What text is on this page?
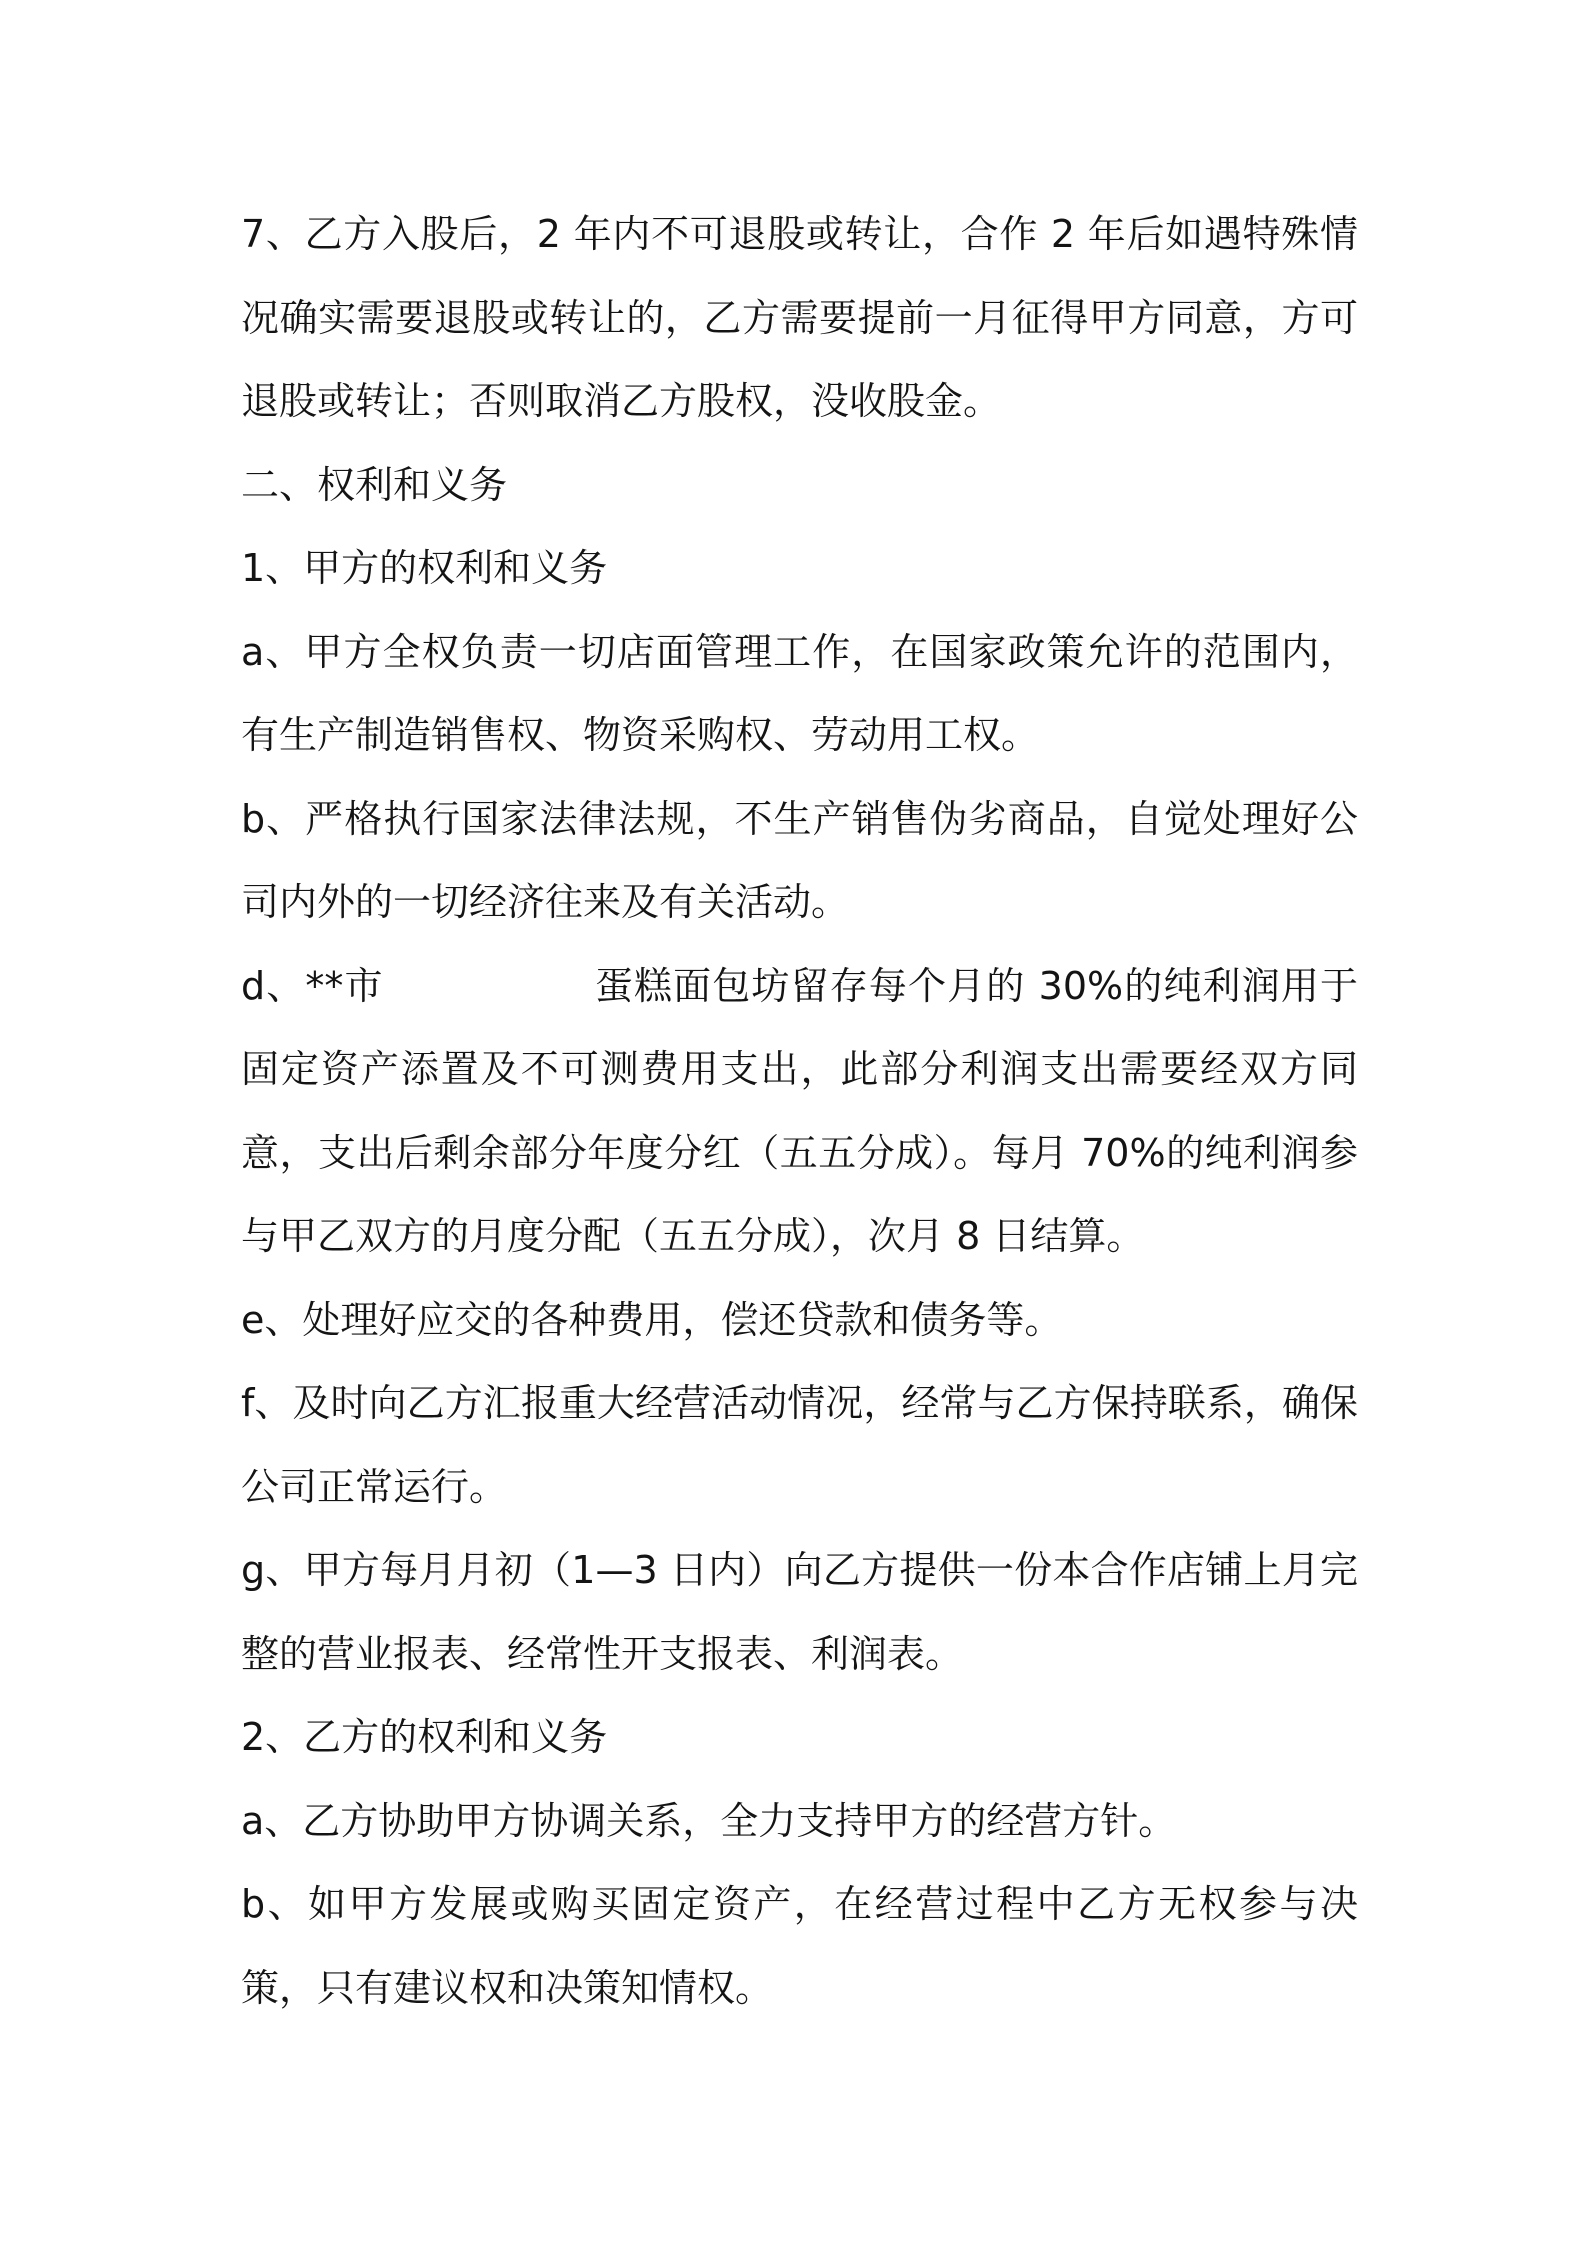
7、乙方入股后，2 年内不可退股或转让，合作 2 年后如遇特殊情况确实需要退股或转让的，乙方需要提前一月征得甲方同意，方可退股或转让；否则取消乙方股权，没收股金。

二、权利和义务

1、甲方的权利和义务

a、甲方全权负责一切店面管理工作，在国家政策允许的范围内，有生产制造销售权、物资采购权、劳动用工权。

b、严格执行国家法律法规，不生产销售伪劣商品，自觉处理好公司内外的一切经济往来及有关活动。

d、**市	蛋糕面包坊留存每个月的 30%的纯利润用于固定资产添置及不可测费用支出，此部分利润支出需要经双方同意，支出后剩余部分年度分红（五五分成）。每月 70%的纯利润参与甲乙双方的月度分配（五五分成），次月 8 日结算。

e、处理好应交的各种费用，偿还贷款和债务等。

f、及时向乙方汇报重大经营活动情况，经常与乙方保持联系，确保公司正常运行。

g、甲方每月月初（1—3 日内）向乙方提供一份本合作店铺上月完整的营业报表、经常性开支报表、利润表。

2、乙方的权利和义务

a、乙方协助甲方协调关系，全力支持甲方的经营方针。

b、如甲方发展或购买固定资产，在经营过程中乙方无权参与决策，只有建议权和决策知情权。
